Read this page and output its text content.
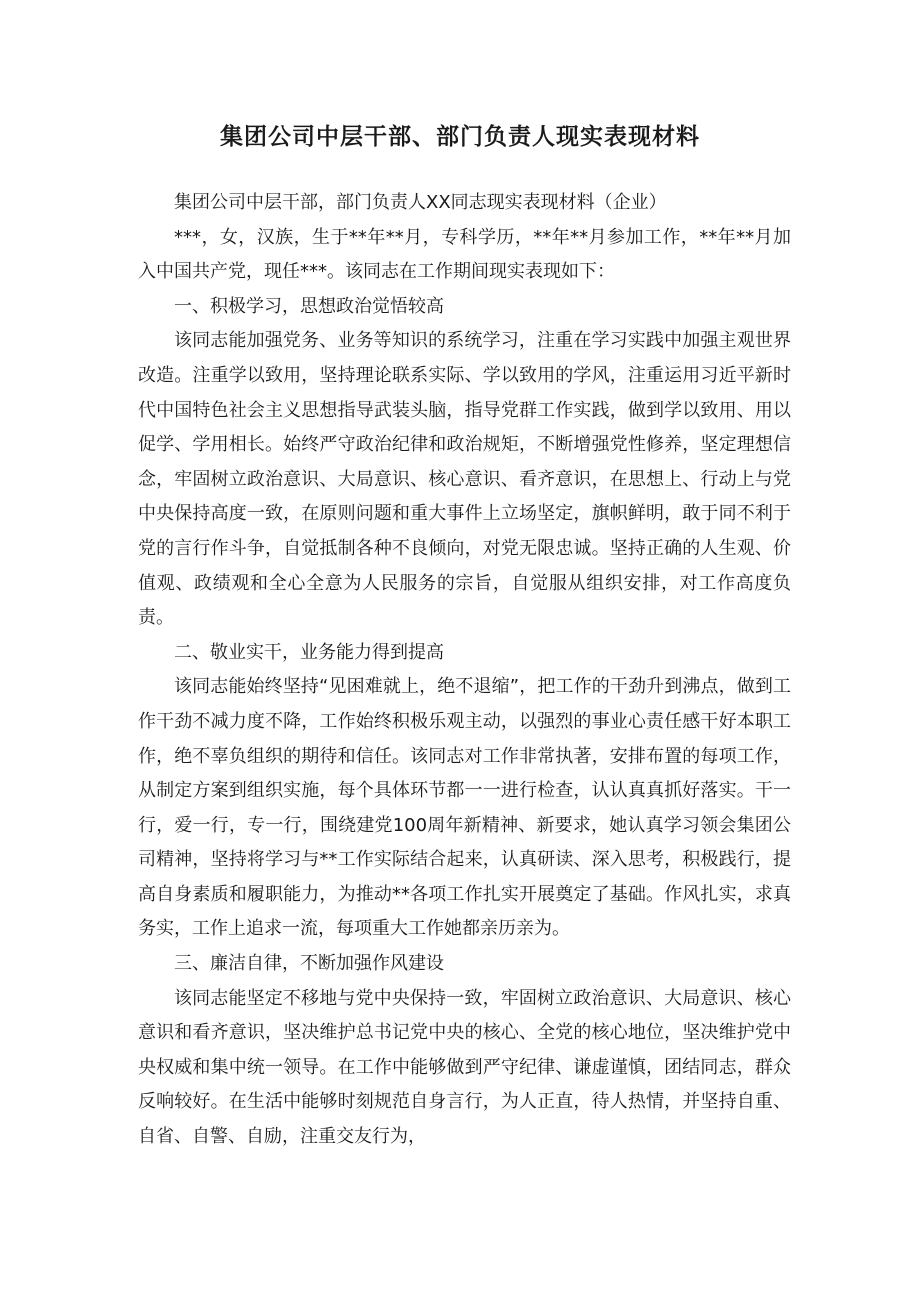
集团公司中层干部、部门负责人现实表现材料

集团公司中层干部，部门负责人XX同志现实表现材料（企业）

***，女，汉族，生于**年**月，专科学历，**年**月参加工作，**年**月加入中国共产党，现任***。该同志在工作期间现实表现如下：

一、积极学习，思想政治觉悟较高

该同志能加强党务、业务等知识的系统学习，注重在学习实践中加强主观世界改造。注重学以致用，坚持理论联系实际、学以致用的学风，注重运用习近平新时代中国特色社会主义思想指导武装头脑，指导党群工作实践，做到学以致用、用以促学、学用相长。始终严守政治纪律和政治规矩，不断增强党性修养，坚定理想信念，牢固树立政治意识、大局意识、核心意识、看齐意识，在思想上、行动上与党中央保持高度一致，在原则问题和重大事件上立场坚定，旗帜鲜明，敢于同不利于党的言行作斗争，自觉抵制各种不良倾向，对党无限忠诚。坚持正确的人生观、价值观、政绩观和全心全意为人民服务的宗旨，自觉服从组织安排，对工作高度负责。

二、敬业实干，业务能力得到提高

该同志能始终坚持“见困难就上，绝不退缩”，把工作的干劲升到沸点，做到工作干劲不减力度不降，工作始终积极乐观主动，以强烈的事业心责任感干好本职工作，绝不辜负组织的期待和信任。该同志对工作非常执著，安排布置的每项工作，从制定方案到组织实施，每个具体环节都一一进行检查，认认真真抓好落实。干一行，爱一行，专一行，围绕建党100周年新精神、新要求，她认真学习领会集团公司精神，坚持将学习与**工作实际结合起来，认真研读、深入思考，积极践行，提高自身素质和履职能力，为推动**各项工作扎实开展奠定了基础。作风扎实，求真务实，工作上追求一流，每项重大工作她都亲历亲为。

三、廉洁自律，不断加强作风建设

该同志能坚定不移地与党中央保持一致，牢固树立政治意识、大局意识、核心意识和看齐意识，坚决维护总书记党中央的核心、全党的核心地位，坚决维护党中央权威和集中统一领导。在工作中能够做到严守纪律、谦虚谨慎，团结同志，群众反响较好。在生活中能够时刻规范自身言行，为人正直，待人热情，并坚持自重、自省、自警、自励，注重交友行为，
